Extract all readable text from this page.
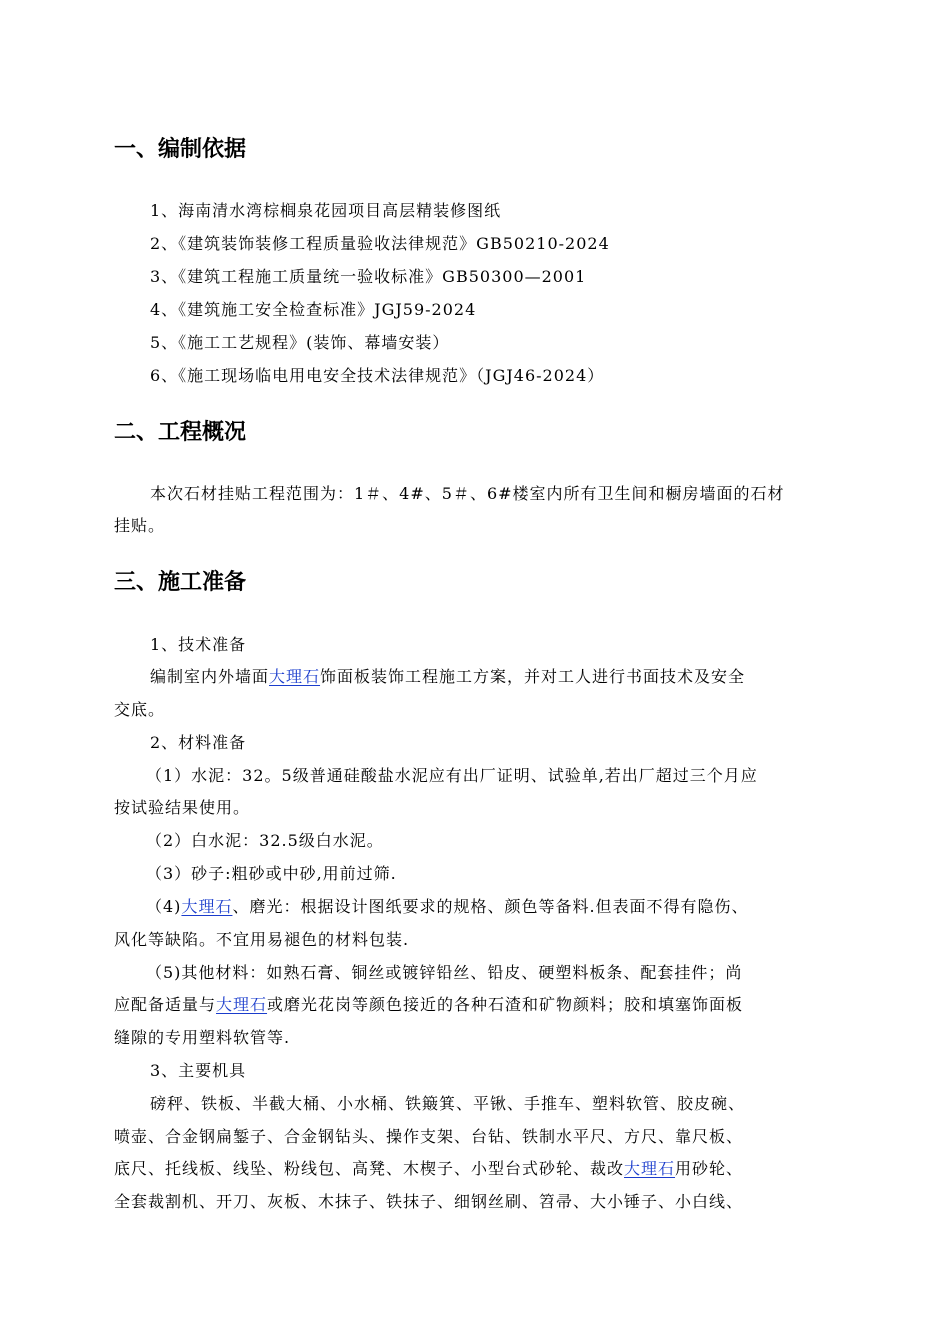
一、编制依据
1、海南清水湾棕榈泉花园项目高层精装修图纸
2、《建筑装饰装修工程质量验收法律规范》GB50210-2024
3、《建筑工程施工质量统一验收标准》GB50300—2001
4、《建筑施工安全检查标准》JGJ59-2024
5、《施工工艺规程》(装饰、幕墙安装）
6、《施工现场临电用电安全技术法律规范》（JGJ46-2024）
二、工程概况
本次石材挂贴工程范围为：1＃、4#、5＃、6#楼室内所有卫生间和橱房墙面的石材
挂贴。
三、施工准备
1、技术准备
编制室内外墙面大理石饰面板装饰工程施工方案，并对工人进行书面技术及安全
交底。
2、材料准备
（1）水泥：32。5级普通硅酸盐水泥应有出厂证明、试验单,若出厂超过三个月应
按试验结果使用。
（2）白水泥：32.5级白水泥。
（3）砂子:粗砂或中砂,用前过筛.
（4)大理石、磨光：根据设计图纸要求的规格、颜色等备料.但表面不得有隐伤、
风化等缺陷。不宜用易褪色的材料包装.
（5)其他材料：如熟石膏、铜丝或镀锌铅丝、铅皮、硬塑料板条、配套挂件；尚
应配备适量与大理石或磨光花岗等颜色接近的各种石渣和矿物颜料；胶和填塞饰面板
缝隙的专用塑料软管等.
3、主要机具
磅秤、铁板、半截大桶、小水桶、铁簸箕、平锹、手推车、塑料软管、胶皮碗、
喷壶、合金钢扁錾子、合金钢钻头、操作支架、台钻、铁制水平尺、方尺、靠尺板、
底尺、托线板、线坠、粉线包、高凳、木楔子、小型台式砂轮、裁改大理石用砂轮、
全套裁割机、开刀、灰板、木抹子、铁抹子、细钢丝刷、笤帚、大小锤子、小白线、
